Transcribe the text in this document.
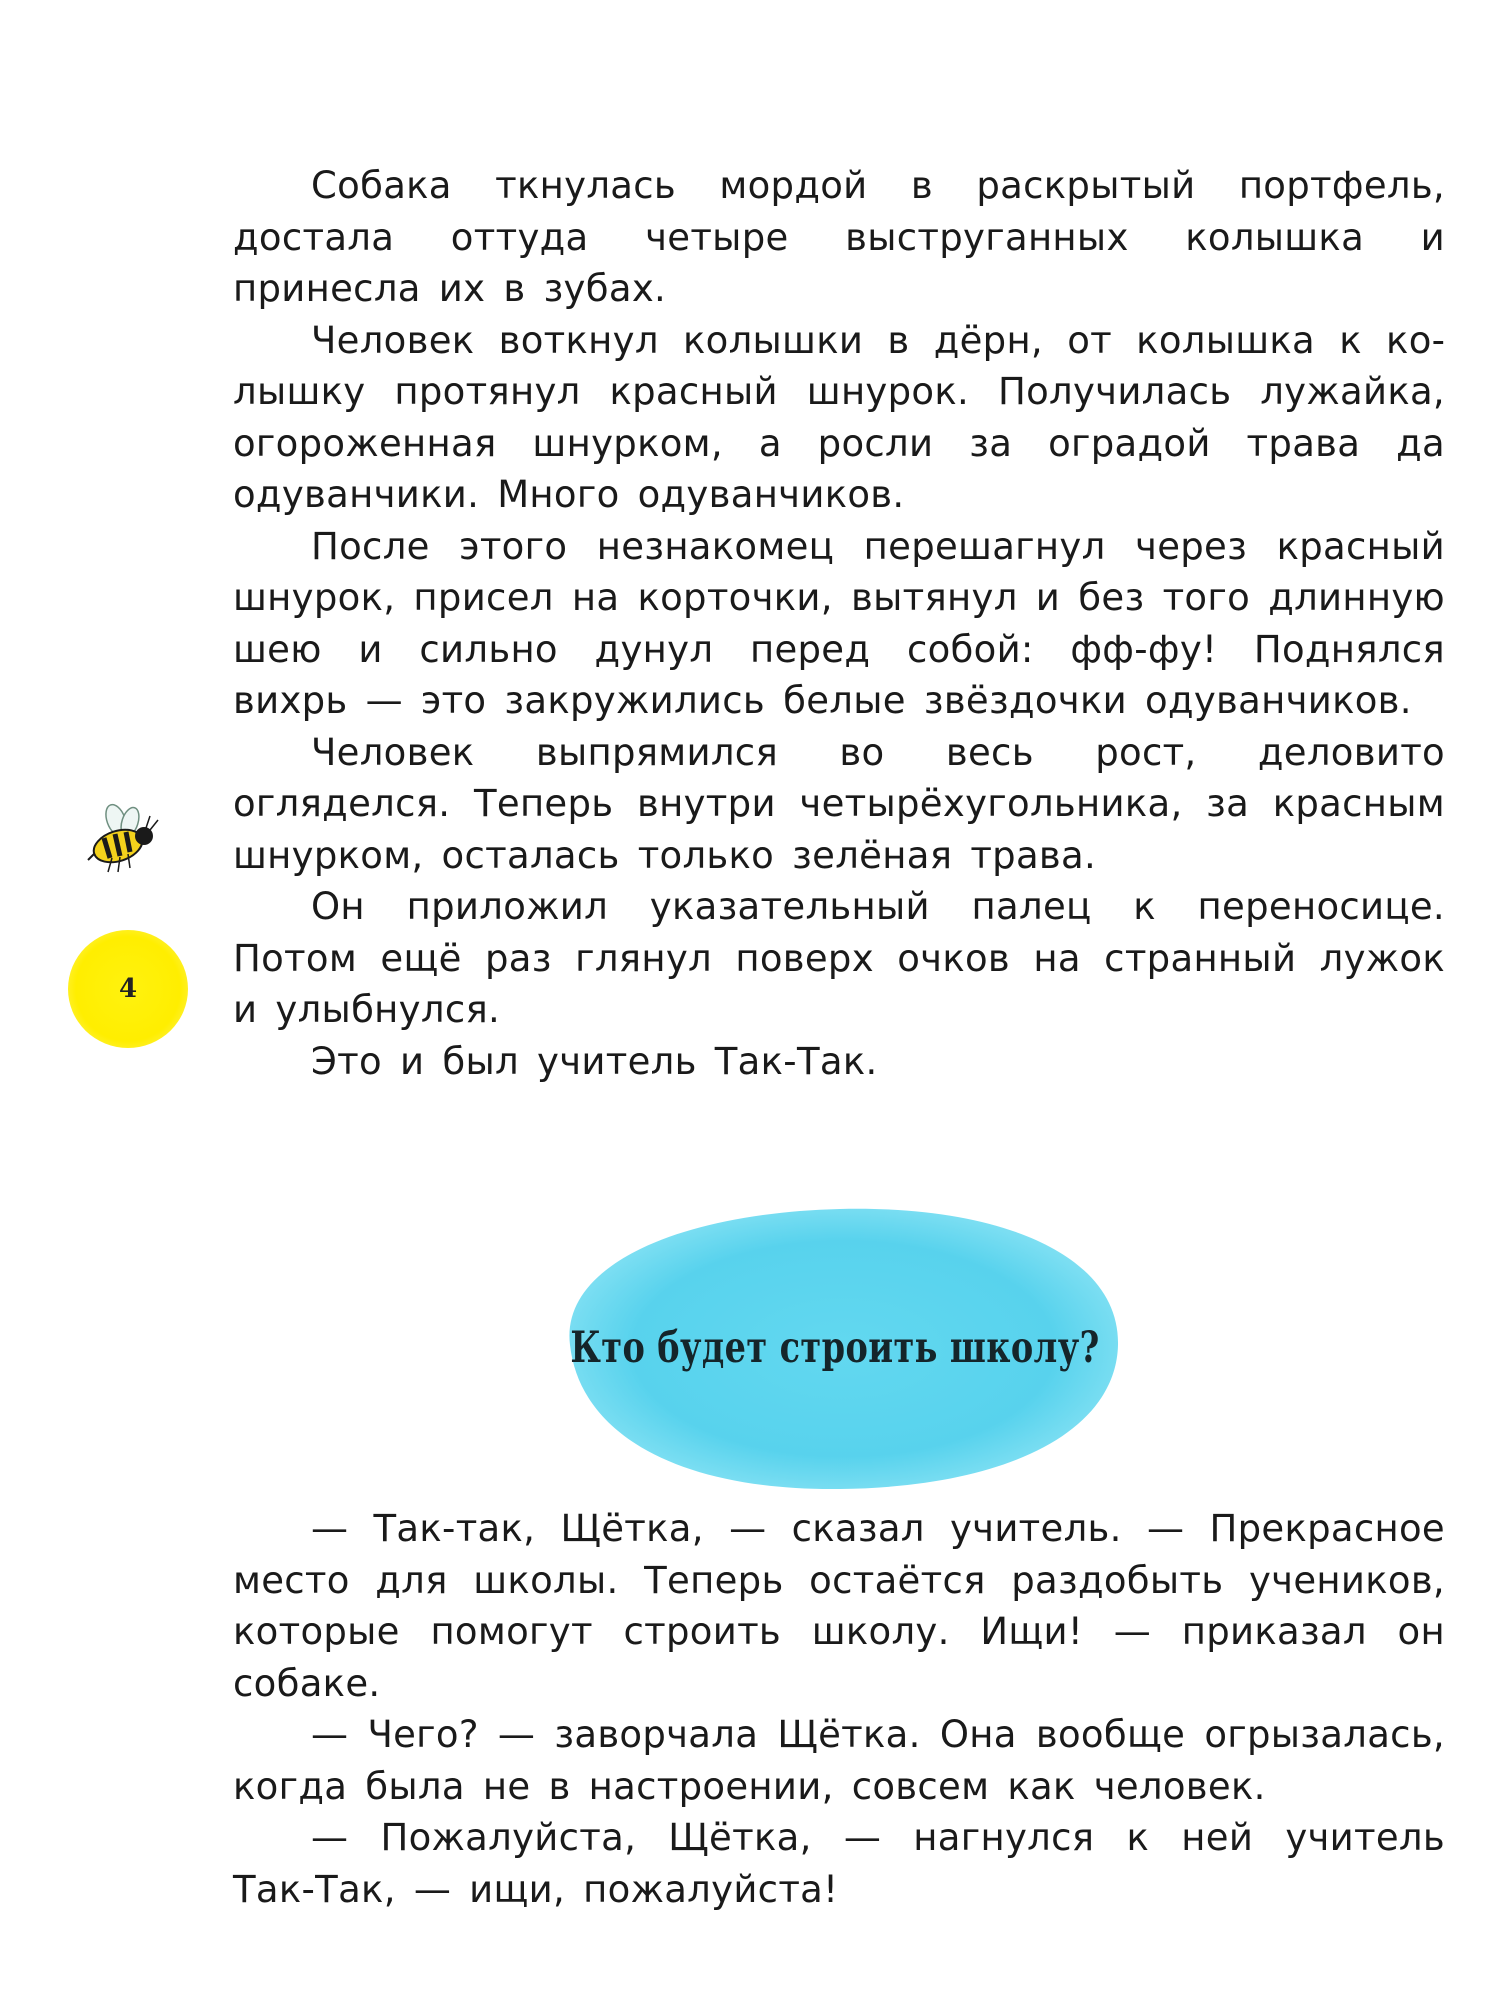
Собака ткнулась мордой в раскрытый портфель, достала оттуда четыре выструганных колышка и принесла их в зубах.

Человек воткнул колышки в дёрн, от колышка к колышку протянул красный шнурок. Получилась лужайка, огороженная шнурком, а росли за оградой трава да одуванчики. Много одуванчиков.

После этого незнакомец перешагнул через красный шнурок, присел на корточки, вытянул и без того длинную шею и сильно дунул перед собой: фф-фу! Поднялся вихрь — это закружились белые звёздочки одуванчиков.

Человек выпрямился во весь рост, деловито огляделся. Теперь внутри четырёхугольника, за красным шнурком, осталась только зелёная трава.

Он приложил указательный палец к переносице. Потом ещё раз глянул поверх очков на странный лужок и улыбнулся.

Это и был учитель Так-Так.

4
Кто будет строить школу?

— Так-так, Щётка, — сказал учитель. — Прекрасное место для школы. Теперь остаётся раздобыть учеников, которые помогут строить школу. Ищи! — приказал он собаке.

— Чего? — заворчала Щётка. Она вообще огрызалась, когда была не в настроении, совсем как человек.

— Пожалуйста, Щётка, — нагнулся к ней учитель Так-Так, — ищи, пожалуйста!
